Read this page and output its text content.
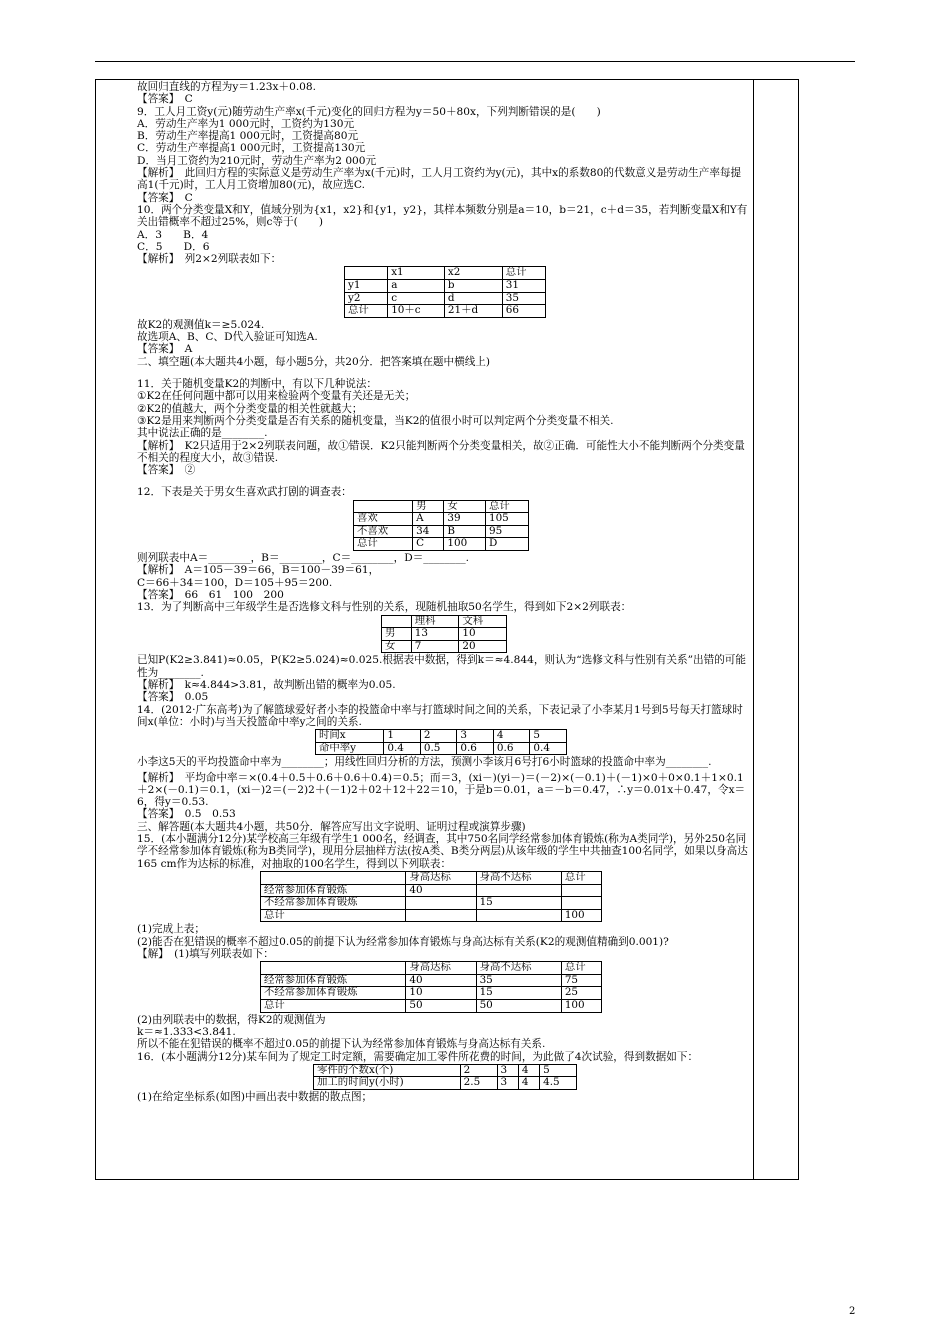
故回归直线的方程为y＝1.23x＋0.08.

【答案】　C

9．工人月工资y(元)随劳动生产率x(千元)变化的回归方程为y＝50＋80x，下列判断错误的是(　　)

A．劳动生产率为1 000元时，工资约为130元

B．劳动生产率提高1 000元时，工资提高80元

C．劳动生产率提高1 000元时，工资提高130元

D．当月工资约为210元时，劳动生产率为2 000元

【解析】　此回归方程的实际意义是劳动生产率为x(千元)时，工人月工资约为y(元)，其中x的系数80的代数意义是劳动生产率每提高1(千元)时，工人月工资增加80(元)，故应选C.

【答案】　C

10．两个分类变量X和Y，值域分别为{x1，x2}和{y1，y2}，其样本频数分别是a＝10，b＝21，c＋d＝35，若判断变量X和Y有关出错概率不超过25%，则c等于(　　)

A．3　　B．4

C．5　　D．6

【解析】　列2×2列联表如下：

	x1	x2	总计
y1	a	b	31
y2	c	d	35
总计	10＋c	21＋d	66

故K2的观测值k＝≥5.024.

故选项A、B、C、D代入验证可知选A.

【答案】　A

二、填空题(本大题共4小题，每小题5分，共20分．把答案填在题中横线上)

11．关于随机变量K2的判断中，有以下几种说法：

①K2在任何问题中都可以用来检验两个变量有关还是无关；

②K2的值越大，两个分类变量的相关性就越大；

③K2是用来判断两个分类变量是否有关系的随机变量，当K2的值很小时可以判定两个分类变量不相关.

其中说法正确的是________.

【解析】　K2只适用于2×2列联表问题，故①错误．K2只能判断两个分类变量相关，故②正确．可能性大小不能判断两个分类变量不相关的程度大小，故③错误.

【答案】　②

12．下表是关于男女生喜欢武打剧的调查表：

	男	女	总计
喜欢	A	39	105
不喜欢	34	B	95
总计	C	100	D

则列联表中A＝________，B＝________，C＝________，D＝________.

【解析】　A＝105－39＝66，B＝100－39＝61，

C＝66＋34＝100，D＝105＋95＝200.

【答案】　66　61　100　200

13．为了判断高中三年级学生是否选修文科与性别的关系，现随机抽取50名学生，得到如下2×2列联表：

	理科	文科
男	13	10
女	7	20

已知P(K2≥3.841)≈0.05，P(K2≥5.024)≈0.025.根据表中数据，得到k＝≈4.844，则认为“选修文科与性别有关系”出错的可能性为________.

【解析】　k≈4.844>3.81，故判断出错的概率为0.05.

【答案】　0.05

14．(2012·广东高考)为了解篮球爱好者小李的投篮命中率与打篮球时间之间的关系，下表记录了小李某月1号到5号每天打篮球时间x(单位：小时)与当天投篮命中率y之间的关系.

时间x	1	2	3	4	5
命中率y	0.4	0.5	0.6	0.6	0.4

小李这5天的平均投篮命中率为________；用线性回归分析的方法，预测小李该月6号打6小时篮球的投篮命中率为________.

【解析】　平均命中率＝×(0.4＋0.5＋0.6＋0.6＋0.4)＝0.5；而＝3，(xi－)(yi－)＝(－2)×(－0.1)＋(－1)×0＋0×0.1＋1×0.1＋2×(－0.1)＝0.1，(xi－)2＝(－2)2＋(－1)2＋02＋12＋22＝10，于是b＝0.01，a＝－b＝0.47，∴y＝0.01x＋0.47，令x＝6，得y＝0.53.

【答案】　0.5　0.53

三、解答题(本大题共4小题，共50分．解答应写出文字说明、证明过程或演算步骤)

15．(本小题满分12分)某学校高三年级有学生1 000名，经调查，其中750名同学经常参加体育锻炼(称为A类同学)，另外250名同学不经常参加体育锻炼(称为B类同学)，现用分层抽样方法(按A类、B类分两层)从该年级的学生中共抽查100名同学，如果以身高达165 cm作为达标的标准，对抽取的100名学生，得到以下列联表：

	身高达标	身高不达标	总计
经常参加体育锻炼	40		
不经常参加体育锻炼		15	
总计			100

(1)完成上表；

(2)能否在犯错误的概率不超过0.05的前提下认为经常参加体育锻炼与身高达标有关系(K2的观测值精确到0.001)?

【解】　(1)填写列联表如下：

	身高达标	身高不达标	总计
经常参加体育锻炼	40	35	75
不经常参加体育锻炼	10	15	25
总计	50	50	100

(2)由列联表中的数据，得K2的观测值为

k＝≈1.333<3.841.

所以不能在犯错误的概率不超过0.05的前提下认为经常参加体育锻炼与身高达标有关系.

16．(本小题满分12分)某车间为了规定工时定额，需要确定加工零件所花费的时间，为此做了4次试验，得到数据如下：

零件的个数x(个)	2	3	4	5
加工的时间y(小时)	2.5	3	4	4.5

(1)在给定坐标系(如图)中画出表中数据的散点图；

2
